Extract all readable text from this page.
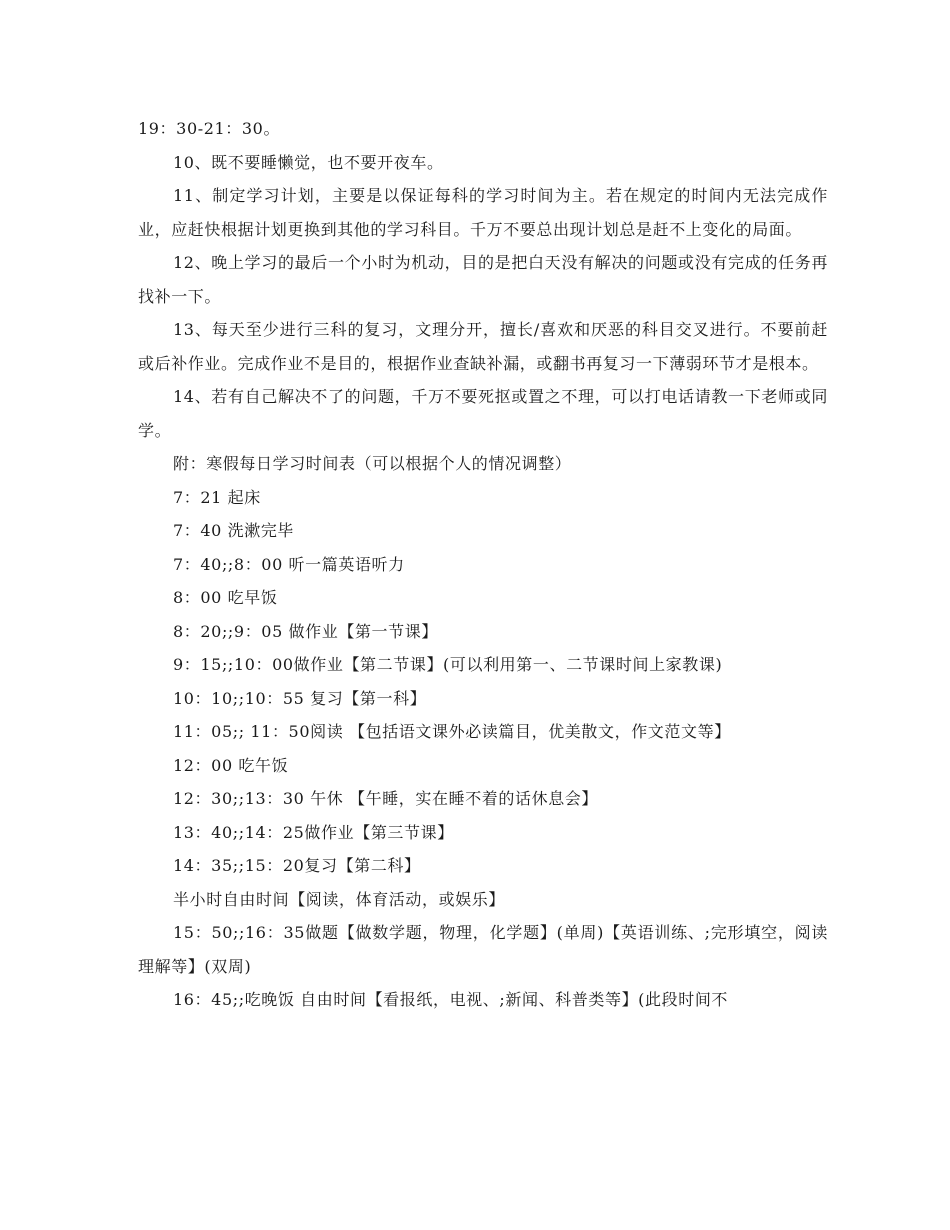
19：30-21：30。

10、既不要睡懒觉，也不要开夜车。

11、制定学习计划，主要是以保证每科的学习时间为主。若在规定的时间内无法完成作业，应赶快根据计划更换到其他的学习科目。千万不要总出现计划总是赶不上变化的局面。

12、晚上学习的最后一个小时为机动，目的是把白天没有解决的问题或没有完成的任务再找补一下。

13、每天至少进行三科的复习，文理分开，擅长/喜欢和厌恶的科目交叉进行。不要前赶或后补作业。完成作业不是目的，根据作业查缺补漏，或翻书再复习一下薄弱环节才是根本。

14、若有自己解决不了的问题，千万不要死抠或置之不理，可以打电话请教一下老师或同学。

附：寒假每日学习时间表（可以根据个人的情况调整）

7：21 起床

7：40 洗漱完毕

7：40;;8：00 听一篇英语听力

8：00 吃早饭

8：20;;9：05 做作业【第一节课】

9：15;;10：00做作业【第二节课】(可以利用第一、二节课时间上家教课)

10：10;;10：55 复习【第一科】

11：05;; 11：50阅读 【包括语文课外必读篇目，优美散文，作文范文等】

12：00 吃午饭

12：30;;13：30 午休 【午睡，实在睡不着的话休息会】

13：40;;14：25做作业【第三节课】

14：35;;15：20复习【第二科】

半小时自由时间【阅读，体育活动，或娱乐】

15：50;;16：35做题【做数学题，物理，化学题】(单周)【英语训练、;完形填空，阅读理解等】(双周)

16：45;;吃晚饭 自由时间【看报纸，电视、;新闻、科普类等】(此段时间不
